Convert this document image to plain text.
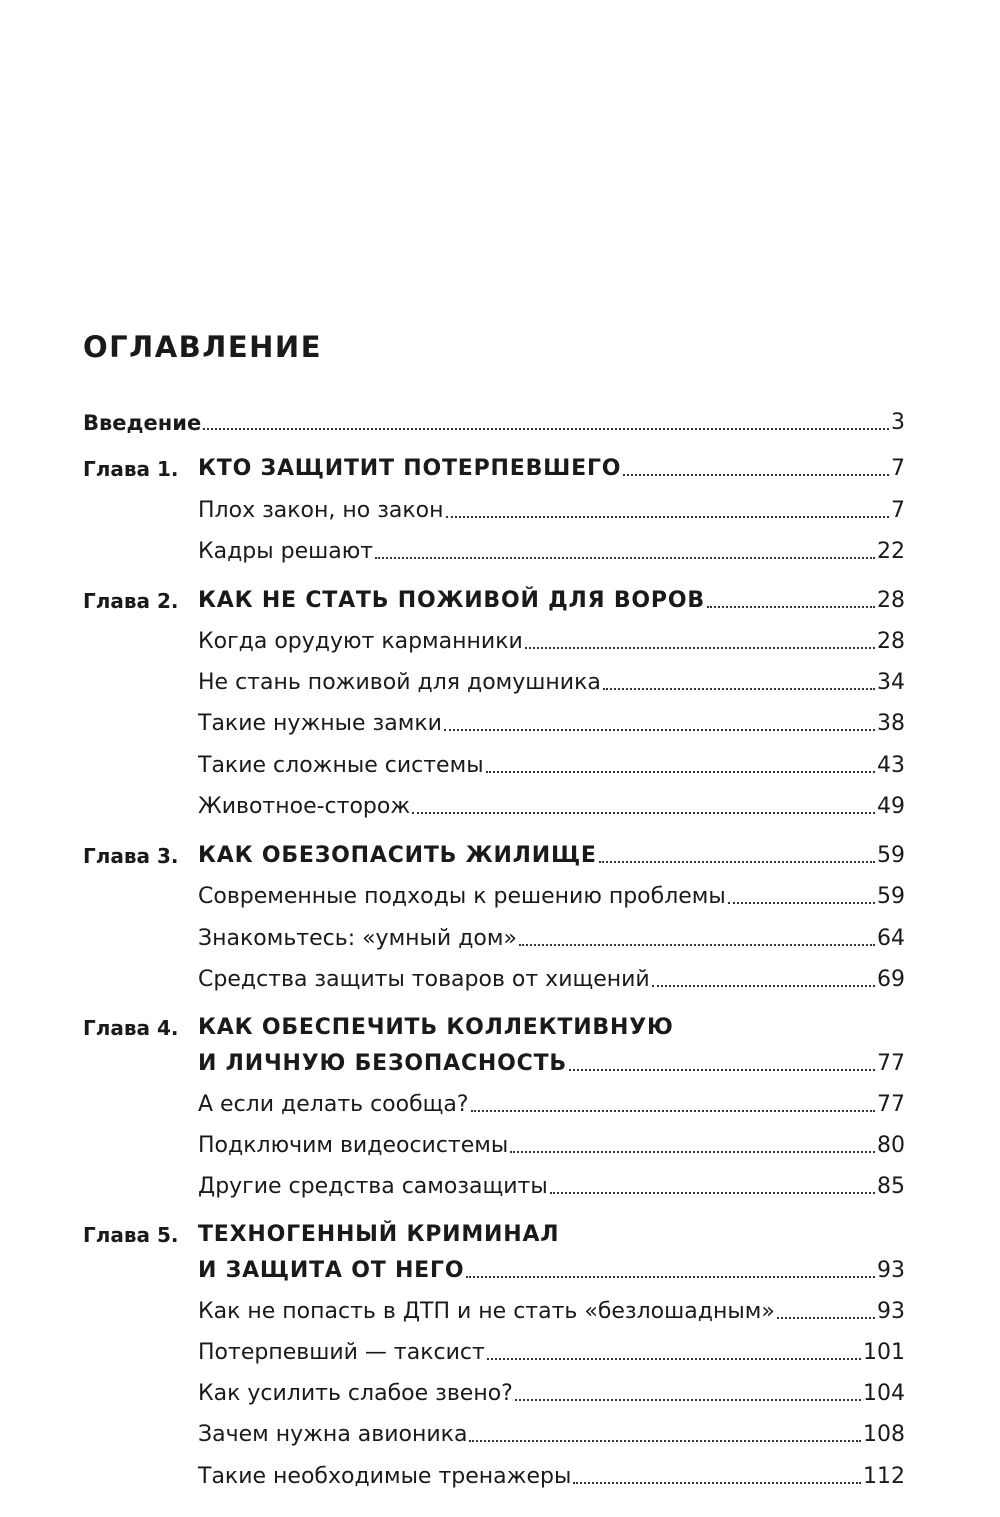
ОГЛАВЛЕНИЕ
Введение	3
Глава 1. КТО ЗАЩИТИТ ПОТЕРПЕВШЕГО	7
Плох закон, но закон	7
Кадры решают	22
Глава 2. КАК НЕ СТАТЬ ПОЖИВОЙ ДЛЯ ВОРОВ	28
Когда орудуют карманники	28
Не стань поживой для домушника	34
Такие нужные замки	38
Такие сложные системы	43
Животное-сторож	49
Глава 3. КАК ОБЕЗОПАСИТЬ ЖИЛИЩЕ	59
Современные подходы к решению проблемы	59
Знакомьтесь: «умный дом»	64
Средства защиты товаров от хищений	69
Глава 4. КАК ОБЕСПЕЧИТЬ КОЛЛЕКТИВНУЮ
И ЛИЧНУЮ БЕЗОПАСНОСТЬ	77
А если делать сообща?	77
Подключим видеосистемы	80
Другие средства самозащиты	85
Глава 5. ТЕХНОГЕННЫЙ КРИМИНАЛ
И ЗАЩИТА ОТ НЕГО	93
Как не попасть в ДТП и не стать «безлошадным»	93
Потерпевший — таксист	101
Как усилить слабое звено?	104
Зачем нужна авионика	108
Такие необходимые тренажеры	112
